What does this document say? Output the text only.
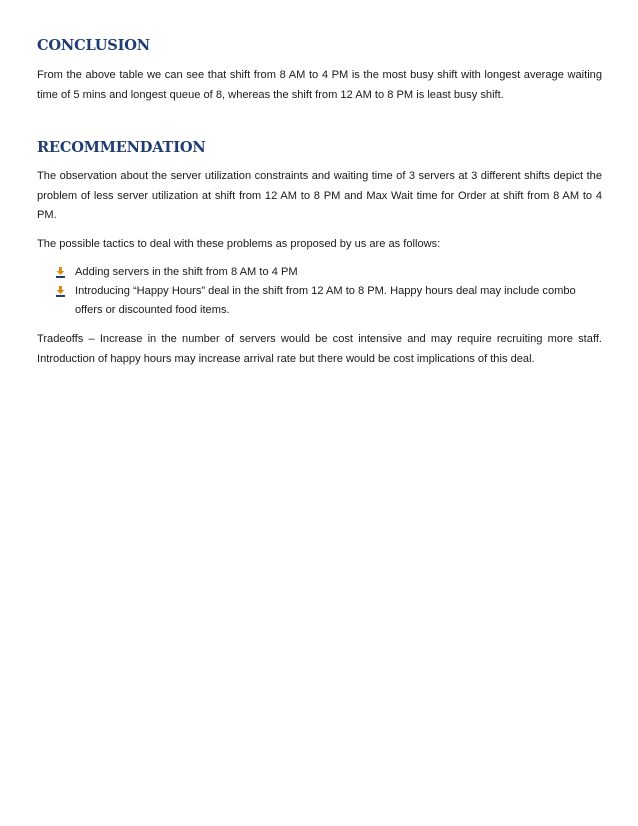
CONCLUSION

From the above table we can see that shift from 8 AM to 4 PM is the most busy shift with longest average waiting time of 5 mins and longest queue of 8, whereas the shift from 12 AM to 8 PM is least busy shift.

RECOMMENDATION

The observation about the server utilization constraints and waiting time of 3 servers at 3 different shifts depict the problem of less server utilization at shift from 12 AM to 8 PM and Max Wait time for Order at shift from 8 AM to 4 PM.

The possible tactics to deal with these problems as proposed by us are as follows:

Adding servers in the shift from 8 AM to 4 PM
Introducing “Happy Hours” deal in the shift from 12 AM to 8 PM. Happy hours deal may include combo offers or discounted food items.

Tradeoffs – Increase in the number of servers would be cost intensive and may require recruiting more staff. Introduction of happy hours may increase arrival rate but there would be cost implications of this deal.
